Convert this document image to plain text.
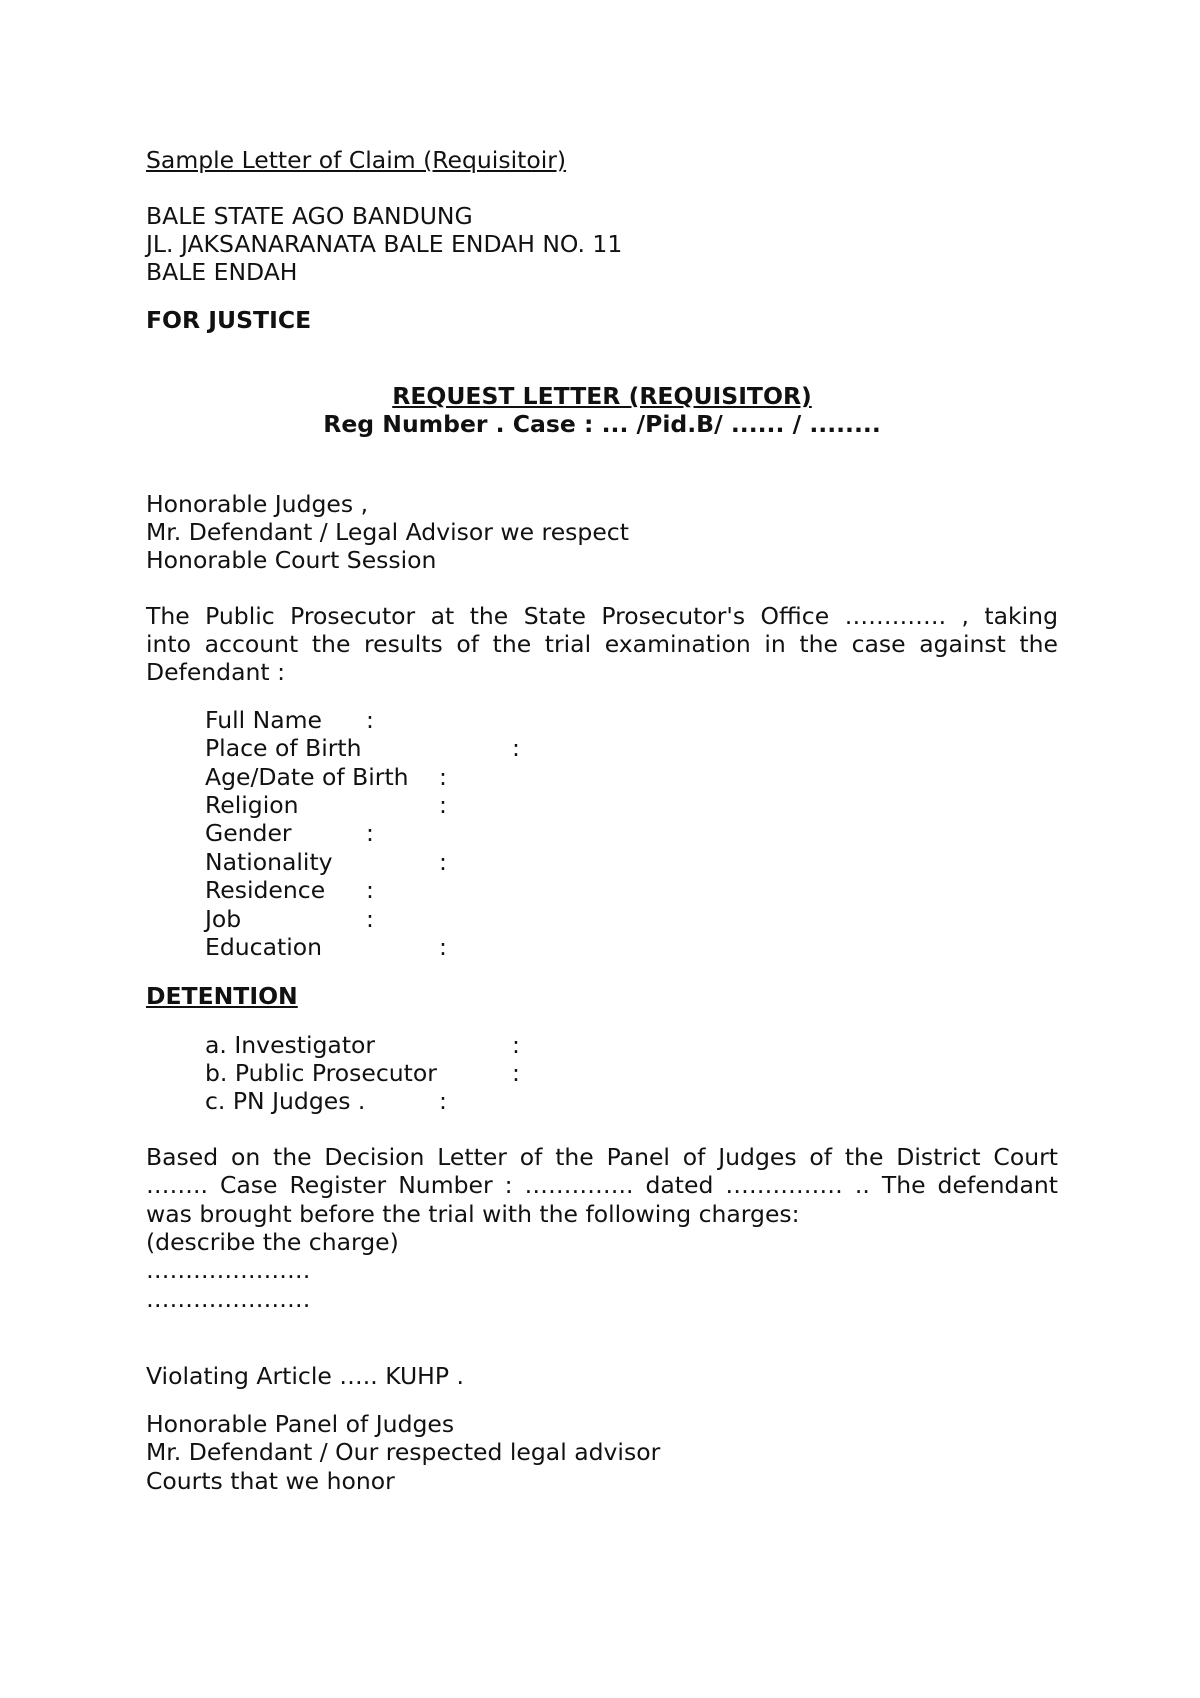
Sample Letter of Claim (Requisitoir)
BALE STATE AGO BANDUNG
JL. JAKSANARANATA BALE ENDAH NO. 11
BALE ENDAH
FOR JUSTICE
REQUEST LETTER (REQUISITOR)
Reg Number . Case : ... /Pid.B/ ...... / ........
Honorable Judges ,
Mr. Defendant / Legal Advisor we respect
Honorable Court Session
The Public Prosecutor at the State Prosecutor's Office …………. , taking
into account the results of the trial examination in the case against the
Defendant :
Full Name :
Place of Birth	:
Age/Date of Birth :
Religion	:
Gender	:
Nationality	:
Residence :
Job	:
Education	:
DETENTION
a. Investigator	:
b. Public Prosecutor	:
c. PN Judges .	:
Based on the Decision Letter of the Panel of Judges of the District Court
…….. Case Register Number : ………….. dated …………… .. The defendant
was brought before the trial with the following charges:
(describe the charge)
…………………
…………………
Violating Article ….. KUHP .
Honorable Panel of Judges
Mr. Defendant / Our respected legal advisor
Courts that we honor
